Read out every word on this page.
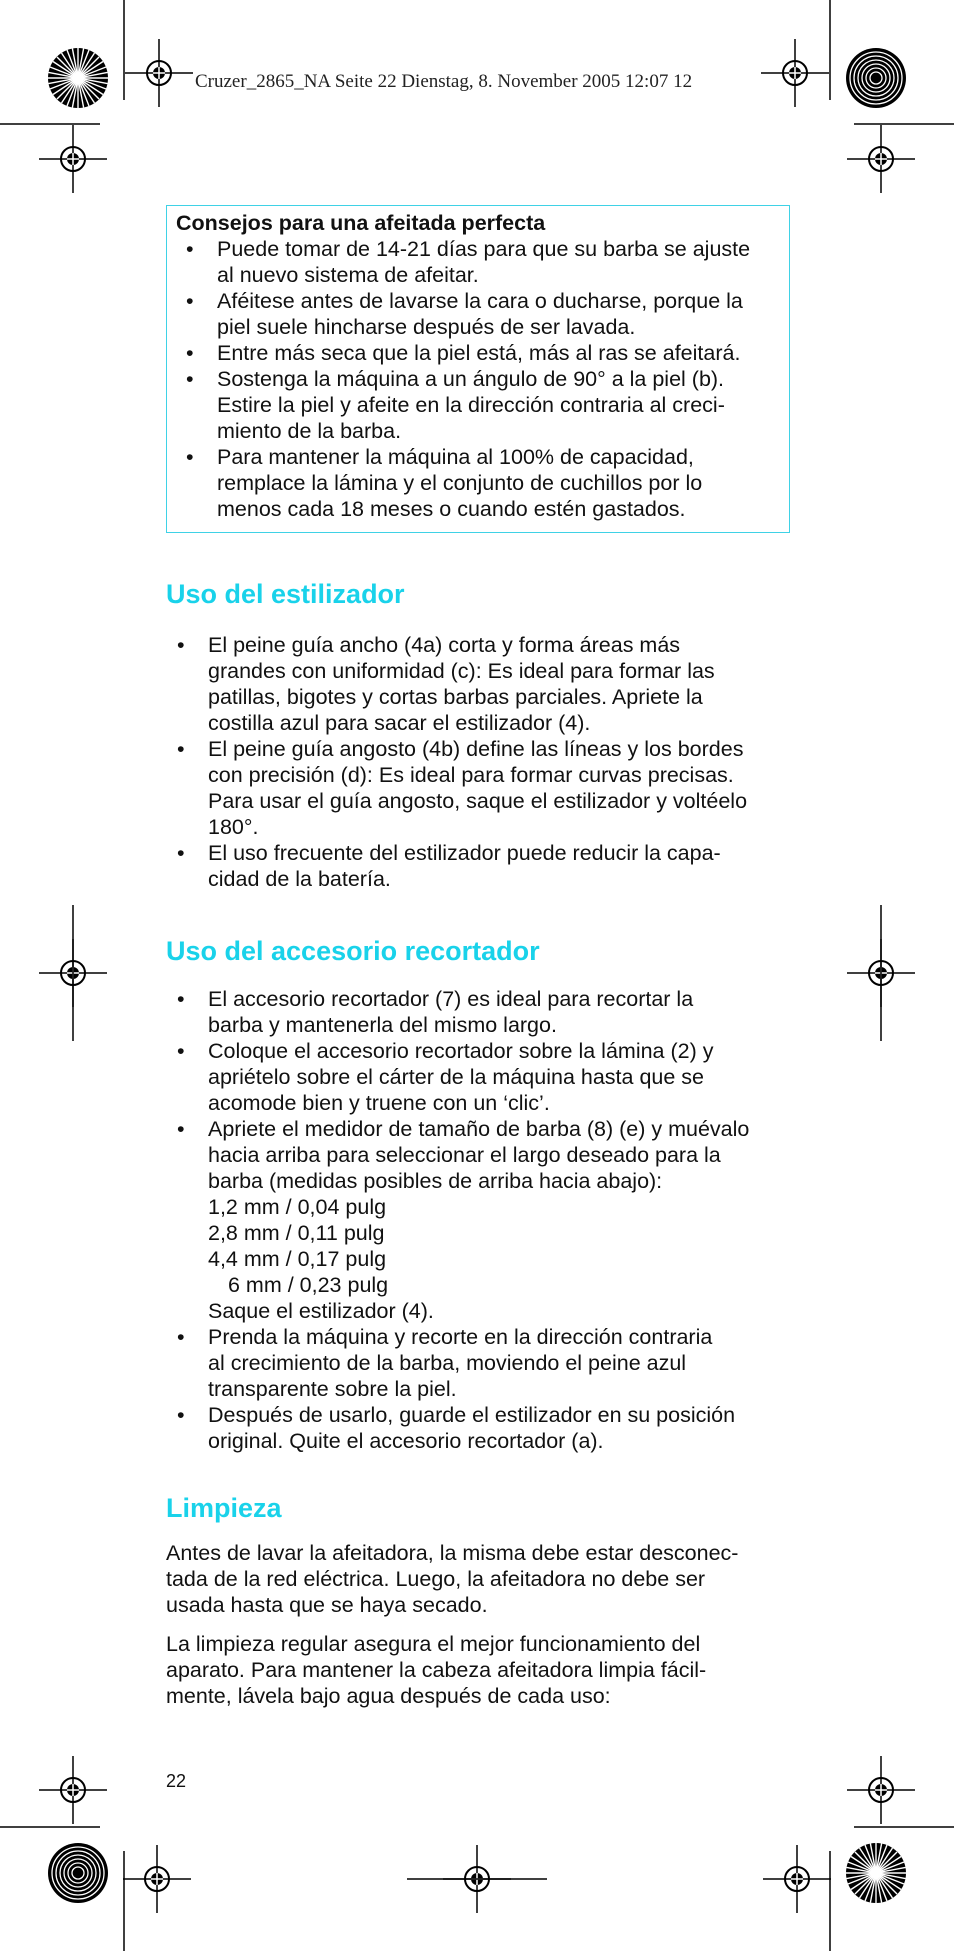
Cruzer_2865_NA Seite 22 Dienstag, 8. November 2005 12:07 12
Consejos para una afeitada perfecta
• Puede tomar de 14-21 días para que su barba se ajuste
al nuevo sistema de afeitar.
• Aféitese antes de lavarse la cara o ducharse, porque la
piel suele hincharse después de ser lavada.
• Entre más seca que la piel está, más al ras se afeitará.
• Sostenga la máquina a un ángulo de 90° a la piel (b).
Estire la piel y afeite en la dirección contraria al creci-
miento de la barba.
• Para mantener la máquina al 100% de capacidad,
remplace la lámina y el conjunto de cuchillos por lo
menos cada 18 meses o cuando estén gastados.
Uso del estilizador
• El peine guía ancho (4a) corta y forma áreas más
grandes con uniformidad (c): Es ideal para formar las
patillas, bigotes y cortas barbas parciales. Apriete la
costilla azul para sacar el estilizador (4).
• El peine guía angosto (4b) define las líneas y los bordes
con precisión (d): Es ideal para formar curvas precisas.
Para usar el guía angosto, saque el estilizador y voltéelo
180°.
• El uso frecuente del estilizador puede reducir la capa-
cidad de la batería.
Uso del accesorio recortador
• El accesorio recortador (7) es ideal para recortar la
barba y mantenerla del mismo largo.
• Coloque el accesorio recortador sobre la lámina (2) y
apriételo sobre el cárter de la máquina hasta que se
acomode bien y truene con un ‘clic’.
• Apriete el medidor de tamaño de barba (8) (e) y muévalo
hacia arriba para seleccionar el largo deseado para la
barba (medidas posibles de arriba hacia abajo):
1,2 mm / 0,04 pulg
2,8 mm / 0,11 pulg
4,4 mm / 0,17 pulg
6 mm / 0,23 pulg
Saque el estilizador (4).
• Prenda la máquina y recorte en la dirección contraria
al crecimiento de la barba, moviendo el peine azul
transparente sobre la piel.
• Después de usarlo, guarde el estilizador en su posición
original. Quite el accesorio recortador (a).
Limpieza

Antes de lavar la afeitadora, la misma debe estar desconec-
tada de la red eléctrica. Luego, la afeitadora no debe ser
usada hasta que se haya secado.

La limpieza regular asegura el mejor funcionamiento del
aparato. Para mantener la cabeza afeitadora limpia fácil-
mente, lávela bajo agua después de cada uso:

22
